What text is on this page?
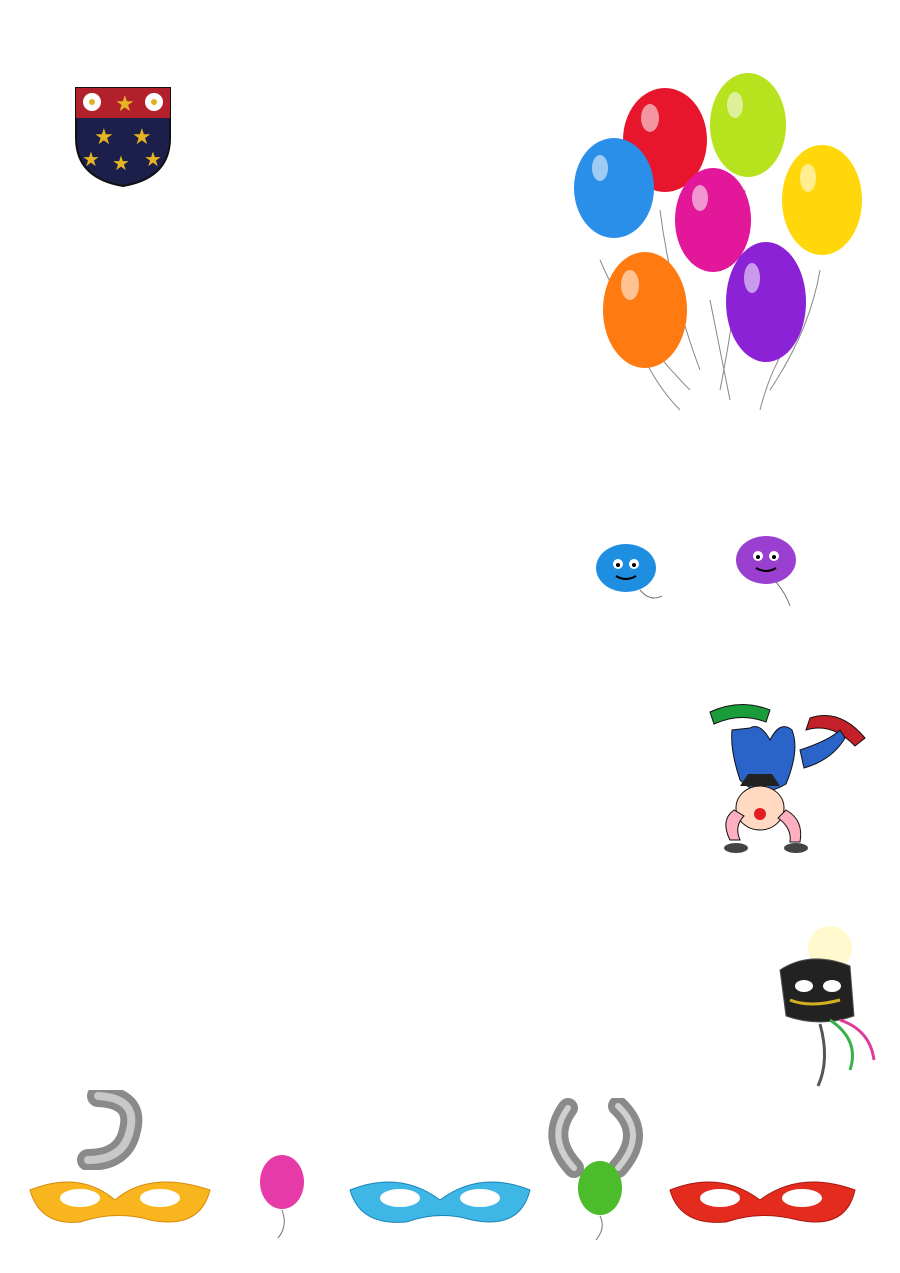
★
★ ★
★ ★ ★
